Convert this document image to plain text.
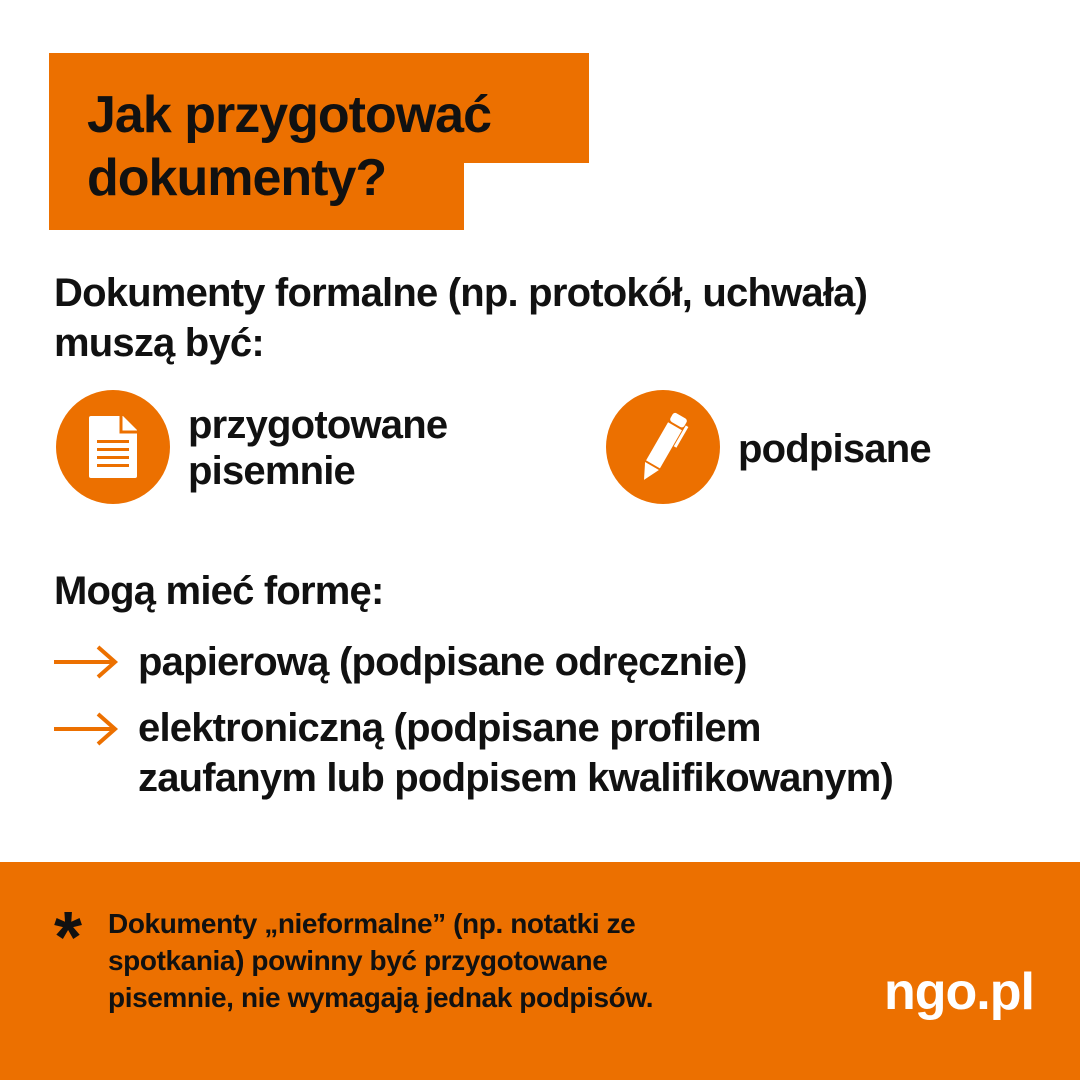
Jak przygotować
dokumenty?
Dokumenty formalne (np. protokół, uchwała)
muszą być:
przygotowane
pisemnie	podpisane
Mogą mieć formę:
papierową (podpisane odręcznie)
elektroniczną (podpisane profilem
zaufanym lub podpisem kwalifikowanym)
* Dokumenty „nieformalne” (np. notatki ze
spotkania) powinny być przygotowane
pisemnie, nie wymagają jednak podpisów.	ngo.pl
